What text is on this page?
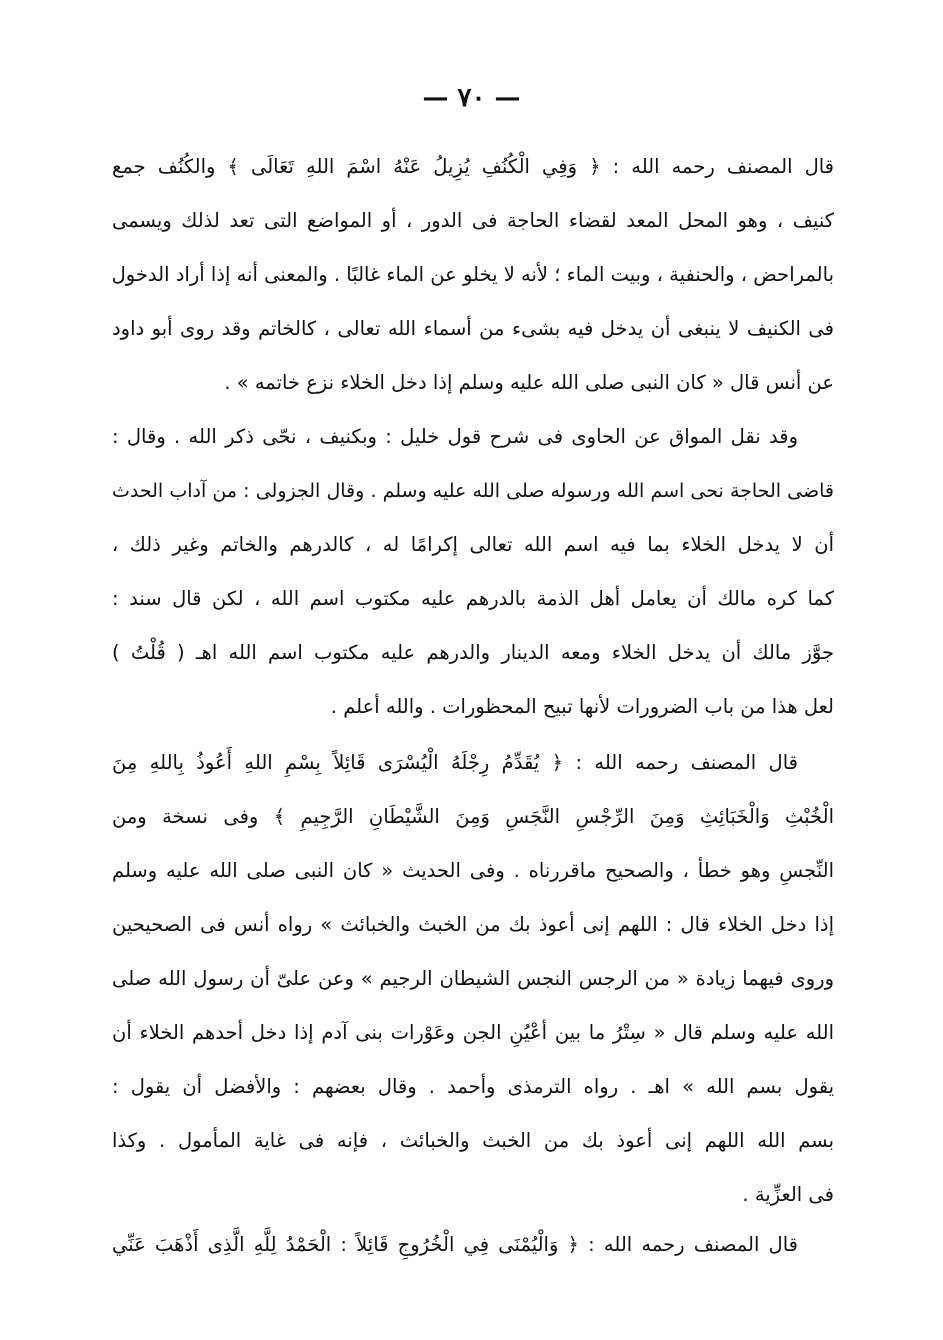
— ٧٠ —
قال المصنف رحمه الله : ﴿ وَفِي الْكُنُفِ يُزِيلُ عَنْهُ اسْمَ اللهِ تَعَالَى ﴾ والكُنُف جمع
كنيف ، وهو المحل المعد لقضاء الحاجة فى الدور ، أو المواضع التى تعد لذلك ويسمى
بالمراحض ، والحنفية ، وبيت الماء ؛ لأنه لا يخلو عن الماء غالبًا . والمعنى أنه إذا أراد الدخول
فى الكنيف لا ينبغى أن يدخل فيه بشىء من أسماء الله تعالى ، كالخاتم وقد روى أبو داود
عن أنس قال « كان النبى صلى الله عليه وسلم إذا دخل الخلاء نزع خاتمه » .
وقد نقل المواق عن الحاوى فى شرح قول خليل : وبكنيف ، نحّى ذكر الله . وقال :
قاضى الحاجة نحى اسم الله ورسوله صلى الله عليه وسلم . وقال الجزولى : من آداب الحدث
أن لا يدخل الخلاء بما فيه اسم الله تعالى إكرامًا له ، كالدرهم والخاتم وغير ذلك ،
كما كره مالك أن يعامل أهل الذمة بالدرهم عليه مكتوب اسم الله ، لكن قال سند :
جوَّز مالك أن يدخل الخلاء ومعه الدينار والدرهم عليه مكتوب اسم الله اهـ ( قُلْتُ )
لعل هذا من باب الضرورات لأنها تبيح المحظورات . والله أعلم .
قال المصنف رحمه الله : ﴿ يُقَدِّمُ رِجْلَهُ الْيُسْرَى قَائِلاً بِسْمِ اللهِ أَعُوذُ بِاللهِ مِنَ
الْخُبْثِ وَالْخَبَائِثِ وَمِنَ الرِّجْسِ النَّجَسِ وَمِنَ الشَّيْطَانِ الرَّجِيمِ ﴾ وفى نسخة ومن
النِّجسِ وهو خطأ ، والصحيح ماقررناه . وفى الحديث « كان النبى صلى الله عليه وسلم
إذا دخل الخلاء قال : اللهم إنى أعوذ بك من الخبث والخبائث » رواه أنس فى الصحيحين
وروى فيهما زيادة « من الرجس النجس الشيطان الرجيم » وعن علىّ أن رسول الله صلى
الله عليه وسلم قال « سِتْرُ ما بين أعْيُنِ الجن وعَوْرات بنى آدم إذا دخل أحدهم الخلاء أن
يقول بسم الله » اهـ . رواه الترمذى وأحمد . وقال بعضهم : والأفضل أن يقول :
بسم الله اللهم إنى أعوذ بك من الخبث والخبائث ، فإنه فى غاية المأمول . وكذا
فى العزِّية .
قال المصنف رحمه الله : ﴿ وَالْيُمْنَى فِي الْخُرُوجِ قَائِلاً : الْحَمْدُ لِلَّهِ الَّذِى أَذْهَبَ عَنِّي
